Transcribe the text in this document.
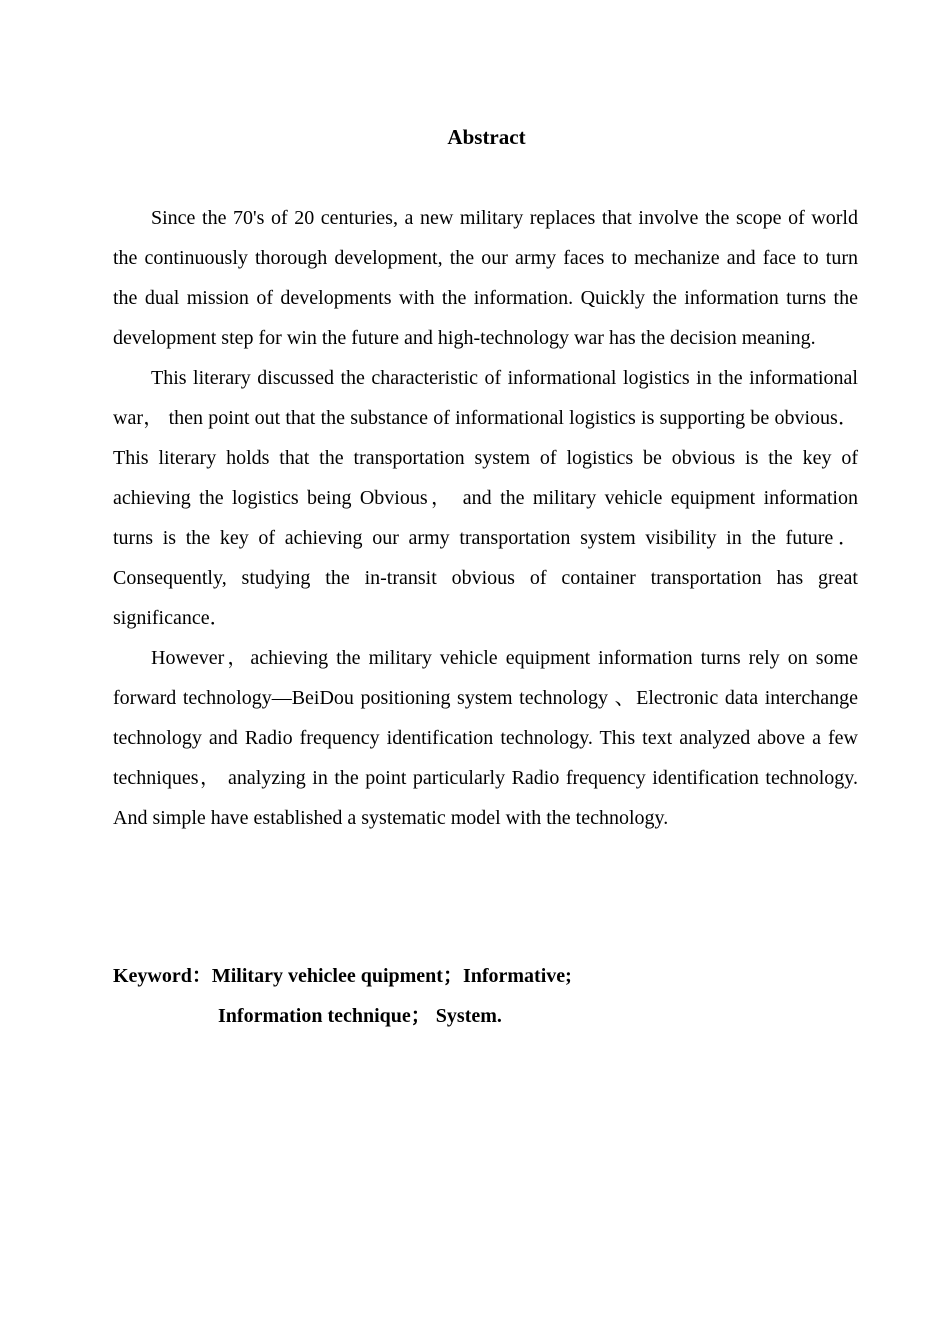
Abstract

Since the 70's of 20 centuries, a new military replaces that involve the scope of world the continuously thorough development, the our army faces to mechanize and face to turn the dual mission of developments with the information. Quickly the information turns the development step for win the future and high-technology war has the decision meaning.

This literary discussed the characteristic of informational logistics in the informational war， then point out that the substance of informational logistics is supporting be obvious． This literary holds that the transportation system of logistics be obvious is the key of achieving the logistics being Obvious， and the military vehicle equipment information turns is the key of achieving our army transportation system visibility in the future． Consequently, studying the in-transit obvious of container transportation has great significance．

However，achieving the military vehicle equipment information turns rely on some forward technology—BeiDou positioning system technology 、Electronic data interchange technology and Radio frequency identification technology. This text analyzed above a few techniques， analyzing in the point particularly Radio frequency identification technology. And simple have established a systematic model with the technology.

Keyword：Military vehiclee quipment；Informative;
Information technique； System.
